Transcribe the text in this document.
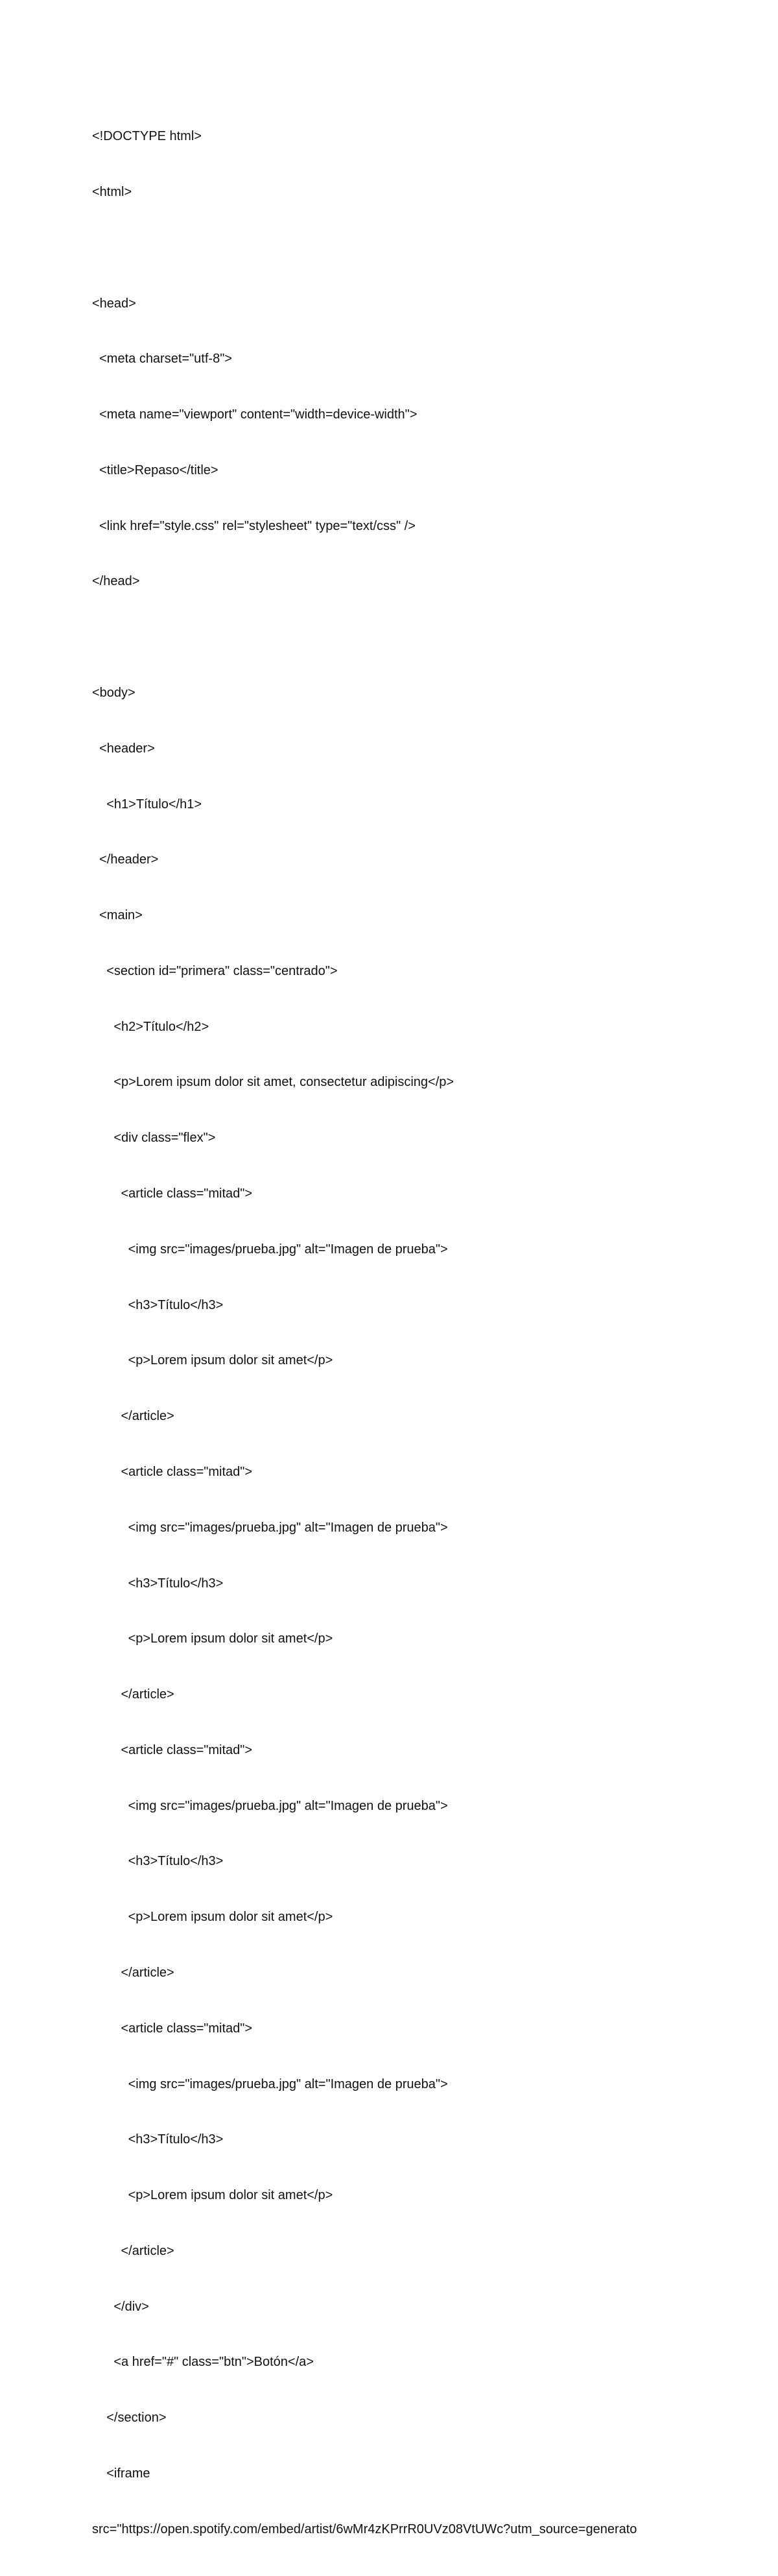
<!DOCTYPE html>

<html>

<head>

<meta charset="utf-8">

<meta name="viewport" content="width=device-width">

<title>Repaso</title>

<link href="style.css" rel="stylesheet" type="text/css" />

</head>

<body>

<header>

<h1>Título</h1>

</header>

<main>

<section id="primera" class="centrado">

<h2>Título</h2>

<p>Lorem ipsum dolor sit amet, consectetur adipiscing</p>

<div class="flex">

<article class="mitad">

<img src="images/prueba.jpg" alt="Imagen de prueba">

<h3>Título</h3>

<p>Lorem ipsum dolor sit amet</p>

</article>

<article class="mitad">

<img src="images/prueba.jpg" alt="Imagen de prueba">

<h3>Título</h3>

<p>Lorem ipsum dolor sit amet</p>

</article>

<article class="mitad">

<img src="images/prueba.jpg" alt="Imagen de prueba">

<h3>Título</h3>

<p>Lorem ipsum dolor sit amet</p>

</article>

<article class="mitad">

<img src="images/prueba.jpg" alt="Imagen de prueba">

<h3>Título</h3>

<p>Lorem ipsum dolor sit amet</p>

</article>

</div>

<a href="#" class="btn">Botón</a>

</section>

<iframe

src="https://open.spotify.com/embed/artist/6wMr4zKPrrR0UVz08VtUWc?utm_source=generato
